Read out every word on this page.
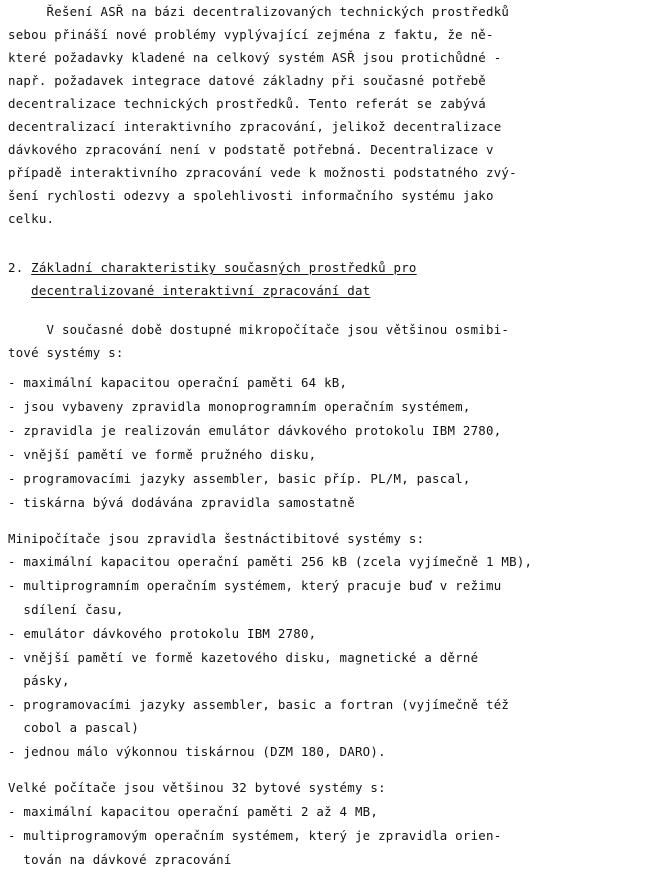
Řešení ASŘ na bázi decentralizovaných technických prostředků
sebou přináší nové problémy vyplývající zejména z faktu, že ně-
které požadavky kladené na celkový systém ASŘ jsou protichůdné -
např. požadavek integrace datové základny při současné potřebě
decentralizace technických prostředků. Tento referát se zabývá
decentralizací interaktivního zpracování, jelikož decentralizace
dávkového zpracování není v podstatě potřebná. Decentralizace v
případě interaktivního zpracování vede k možnosti podstatného zvý-
šení rychlosti odezvy a spolehlivosti informačního systému jako
celku.
2. Základní charakteristiky současných prostředků pro
decentralizované interaktivní zpracování dat
V současné době dostupné mikropočítače jsou většinou osmibi-
tové systémy s:
- maximální kapacitou operační paměti 64 kB,
- jsou vybaveny zpravidla monoprogramním operačním systémem,
- zpravidla je realizován emulátor dávkového protokolu IBM 2780,
- vnější pamětí ve formě pružného disku,
- programovacími jazyky assembler, basic příp. PL/M, pascal,
- tiskárna bývá dodávána zpravidla samostatně
Minipočítače jsou zpravidla šestnáctibitové systémy s:
- maximální kapacitou operační paměti 256 kB (zcela vyjímečně 1 MB),
- multiprogramním operačním systémem, který pracuje buď v režimu
sdílení času,
- emulátor dávkového protokolu IBM 2780,
- vnější pamětí ve formě kazetového disku, magnetické a děrné
pásky,
- programovacími jazyky assembler, basic a fortran (vyjímečně též
cobol a pascal)
- jednou málo výkonnou tiskárnou (DZM 180, DARO).
Velké počítače jsou většinou 32 bytové systémy s:
- maximální kapacitou operační paměti 2 až 4 MB,
- multiprogramovým operačním systémem, který je zpravidla orien-
tován na dávkové zpracování
